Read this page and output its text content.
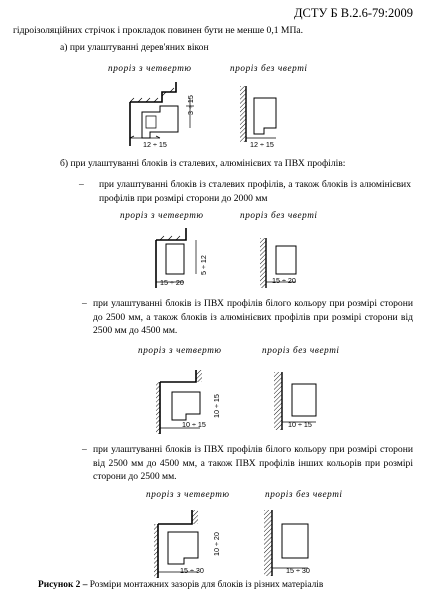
ДСТУ Б В.2.6-79:2009
гідроізоляційних стрічок і прокладок повинен бути не менше 0,1 МПа.
а) при улаштуванні дерев'яних вікон
проріз з четвертю	проріз без чверті
3 ÷ 15
12 ÷ 15	12 ÷ 15
б) при улаштуванні блоків із сталевих, алюмінієвих та ПВХ профілів:
– при улаштуванні блоків із сталевих профілів, а також блоків із алюмінієвих профілів при розмірі сторони до 2000 мм
проріз з четвертю	проріз без чверті
5 ÷ 12
15 ÷ 20	15 ÷ 20
– при улаштуванні блоків із ПВХ профілів білого кольору при розмірі сторони до 2500 мм, а також блоків із алюмінієвих профілів при розмірі сторони від 2500 мм до 4500 мм.
проріз з четвертю	проріз без чверті
10 ÷ 15
10 ÷ 15	10 ÷ 15
– при улаштуванні блоків із ПВХ профілів білого кольору при розмірі сторони від 2500 мм до 4500 мм, а також ПВХ профілів інших кольорів при розмірі сторони до 2500 мм.
проріз з четвертю	проріз без чверті
10 ÷ 20
15 ÷ 30	15 ÷ 30
Рисунок 2 – Розміри монтажних зазорів для блоків із різних матеріалів
